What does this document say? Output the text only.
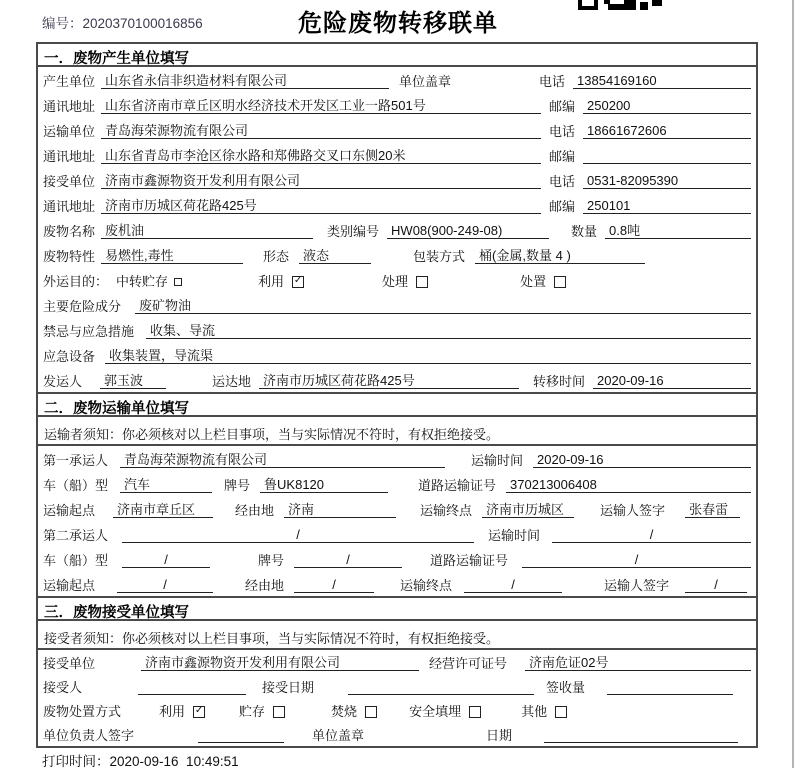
编号：2020370100016856	危险废物转移联单
一．废物产生单位填写
产生单位 山东省永信非织造材料有限公司	单位盖章	电话 13854169160
通讯地址 山东省济南市章丘区明水经济技术开发区工业一路501号	邮编 250200
运输单位 青岛海荣源物流有限公司	电话 18661672606
通讯地址 山东省青岛市李沧区徐水路和郑佛路交叉口东侧20米	邮编
接受单位 济南市鑫源物资开发利用有限公司	电话 0531-82095390
通讯地址 济南市历城区荷花路425号	邮编 250101
废物名称 废机油	类别编号 HW08(900-249-08)	数量 0.8吨
废物特性 易燃性,毒性	形态	液态	包装方式	桶(金属,数量 4 )
外运目的： 中转贮存	利用 ✓	处理	处置
主要危险成分	废矿物油
禁忌与应急措施	收集、导流
应急设备	收集装置，导流渠
发运人	郭玉波	运达地 济南市历城区荷花路425号	转移时间 2020-09-16
二．废物运输单位填写
运输者须知：你必须核对以上栏目事项，当与实际情况不符时，有权拒绝接受。
第一承运人	青岛海荣源物流有限公司	运输时间	2020-09-16
车（船）型	汽车	牌号	鲁UK8120	道路运输证号	370213006408
运输起点	济南市章丘区	经由地	济南	运输终点	济南市历城区	运输人签字	张春雷
第二承运人	/	运输时间	/
车（船）型	/	牌号	/	道路运输证号	/
运输起点	/	经由地	/	运输终点	/	运输人签字	/
三．废物接受单位填写
接受者须知：你必须核对以上栏目事项，当与实际情况不符时，有权拒绝接受。
接受单位	济南市鑫源物资开发利用有限公司	经营许可证号	济南危证02号
接受人	接受日期	签收量
废物处置方式	利用 ✓	贮存	焚烧	安全填埋	其他
单位负责人签字	单位盖章	日期
打印时间：2020-09-16  10:49:51
